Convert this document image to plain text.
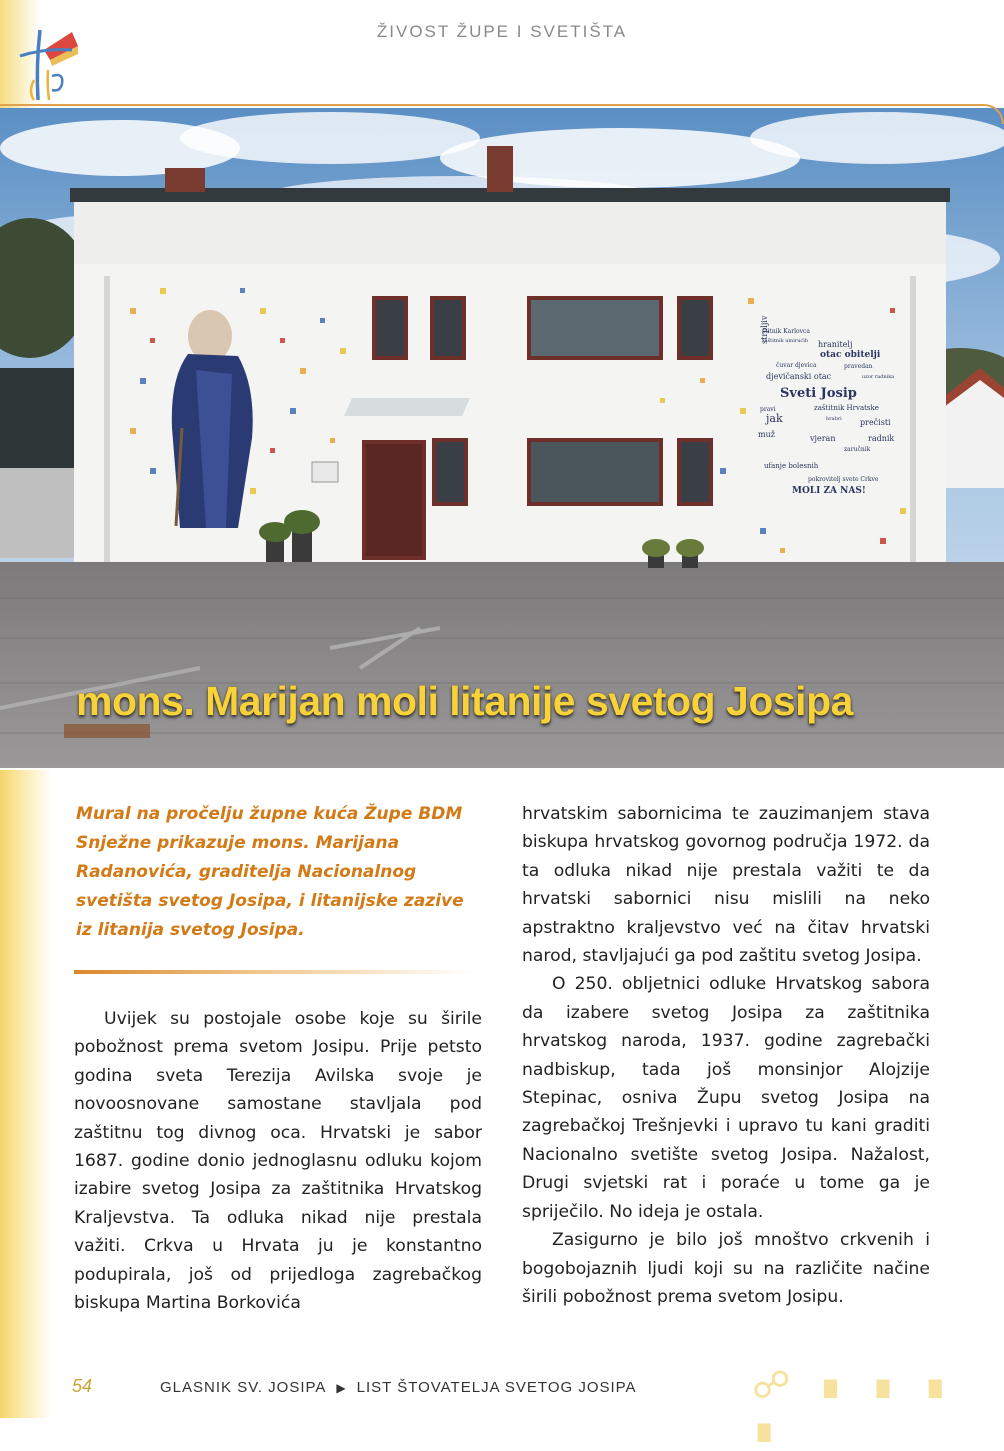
ŽIVOST ŽUPE I SVETIŠTA
strpljiv
štitnik Karlovca
zaštitnik umirućih hranitelj
otac obitelji
čuvar djevica	pravedan
djevičanski otac	uzor radnika
Sveti Josip
pravi
jak
zaštitnik Hrvatske
hrabri prečisti
muž	vjeran	radnik
zaručnik
ufanje bolesnih
pokrovitelj svete Crkve
MOLI ZA NAS!
mons. Marijan moli litanije svetog Josipa
Mural na pročelju župne kuća Župe BDM Snježne prikazuje mons. Marijana Radanovića, graditelja Nacionalnog svetišta svetog Josipa, i litanijske zazive iz litanija svetog Josipa.

Uvijek su postojale osobe koje su širile pobožnost prema svetom Josipu. Prije petsto godina sveta Terezija Avilska svoje je novoosnovane samostane stavljala pod zaštitnu tog divnog oca. Hrvatski je sabor 1687. godine donio jednoglasnu odluku kojom izabire svetog Josipa za zaštitnika Hrvatskog Kraljevstva. Ta odluka nikad nije prestala važiti. Crkva u Hrvata ju je konstantno podupirala, još od prijedloga zagrebačkog biskupa Martina Borkovića

hrvatskim sabornicima te zauzimanjem stava biskupa hrvatskog govornog područja 1972. da ta odluka nikad nije prestala važiti te da hrvatski sabornici nisu mislili na neko apstraktno kraljevstvo već na čitav hrvatski narod, stavljajući ga pod zaštitu svetog Josipa.

O 250. obljetnici odluke Hrvatskog sabora da izabere svetog Josipa za zaštitnika hrvatskog naroda, 1937. godine zagrebački nadbiskup, tada još monsinjor Alojzije Stepinac, osniva Župu svetog Josipa na zagrebačkoj Trešnjevki i upravo tu kani graditi Nacionalno svetište svetog Josipa. Nažalost, Drugi svjetski rat i poraće u tome ga je spriječilo. No ideja je ostala.

Zasigurno je bilo još mnoštvo crkvenih i bogobojaznih ljudi koji su na različite načine širili pobožnost prema svetom Josipu.

54	GLASNIK SV. JOSIPA ▶ LIST ŠTOVATELJA SVETOG JOSIPA	☍ ∎ ∎ ∎ ∎
